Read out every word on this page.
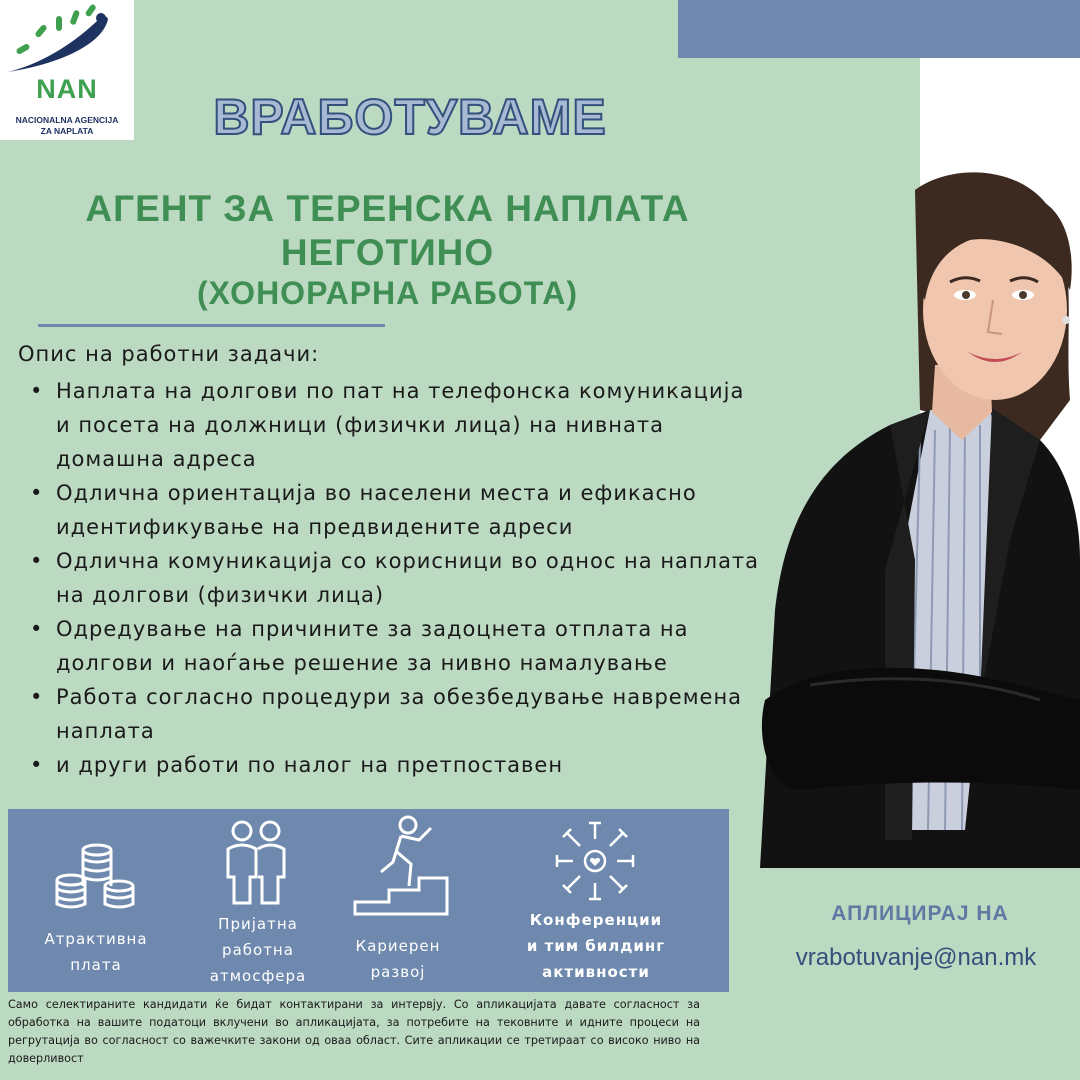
NAN
NACIONALNA AGENCIJA
ZA NAPLATA	ВРАБОТУВАМЕ
АГЕНТ ЗА ТЕРЕНСКА НАПЛАТА
НЕГОТИНО
(ХОНОРАРНА РАБОТА)
Опис на работни задачи:
• Наплата на долгови по пат на телефонска комуникација и посета на должници (физички лица) на нивната домашна адреса
• Одлична ориентација во населени места и ефикасно идентификување на предвидените адреси
• Одлична комуникација со корисници во однос на наплата на долгови (физички лица)
• Одредување на причините за задоцнета отплата на долгови и наоѓање решение за нивно намалување
• Работа согласно процедури за обезбедување навремена наплата
• и други работи по налог на претпоставен
Атрактивна
плата
Пријатна
работна
атмосфера
Кариерен
развој
Конференции
и тим билдинг
активности
АПЛИЦИРАЈ НА
vrabotuvanje@nan.mk
Само селектираните кандидати ќе бидат контактирани за интервју. Со апликацијата давате согласност за обработка на вашите податоци вклучени во апликацијата, за потребите на тековните и идните процеси на регрутација во согласност со важечките закони од оваа област. Сите апликации се третираат со високо ниво на доверливост
